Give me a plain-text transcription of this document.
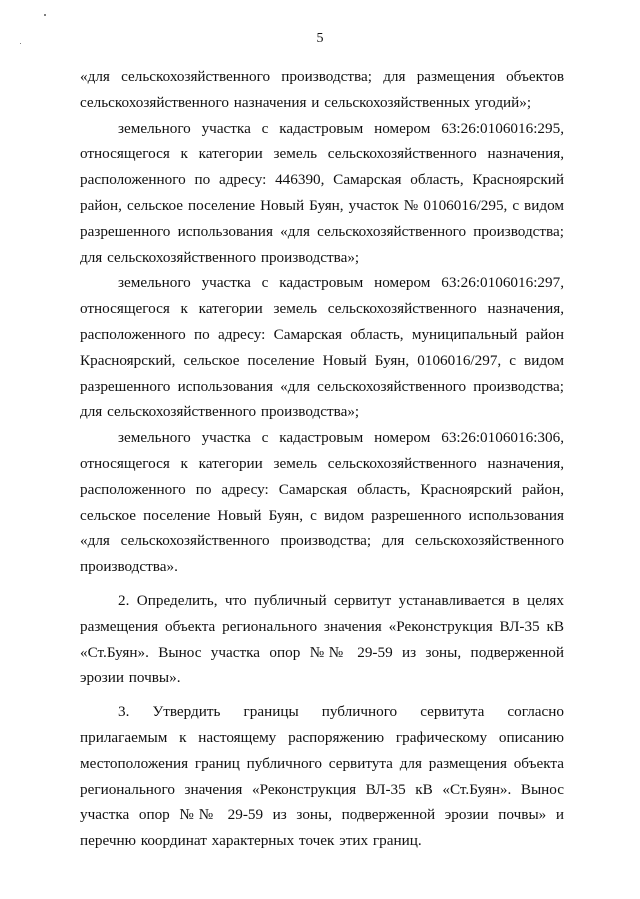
5

«для сельскохозяйственного производства; для размещения объектов сельскохозяйственного назначения и сельскохозяйственных угодий»;

земельного участка с кадастровым номером 63:26:0106016:295, относящегося к категории земель сельскохозяйственного назначения, расположенного по адресу: 446390, Самарская область, Красноярский район, сельское поселение Новый Буян, участок № 0106016/295, с видом разрешенного использования «для сельскохозяйственного производства; для сельскохозяйственного производства»;

земельного участка с кадастровым номером 63:26:0106016:297, относящегося к категории земель сельскохозяйственного назначения, расположенного по адресу: Самарская область, муниципальный район Красноярский, сельское поселение Новый Буян, 0106016/297, с видом разрешенного использования «для сельскохозяйственного производства; для сельскохозяйственного производства»;

земельного участка с кадастровым номером 63:26:0106016:306, относящегося к категории земель сельскохозяйственного назначения, расположенного по адресу: Самарская область, Красноярский район, сельское поселение Новый Буян, с видом разрешенного использования «для сельскохозяйственного производства; для сельскохозяйственного производства».

2. Определить, что публичный сервитут устанавливается в целях размещения объекта регионального значения «Реконструкция ВЛ-35 кВ «Ст.Буян». Вынос участка опор №№ 29-59 из зоны, подверженной эрозии почвы».

3. Утвердить границы публичного сервитута согласно прилагаемым к настоящему распоряжению графическому описанию местоположения границ публичного сервитута для размещения объекта регионального значения «Реконструкция ВЛ-35 кВ «Ст.Буян». Вынос участка опор №№ 29-59 из зоны, подверженной эрозии почвы» и перечню координат характерных точек этих границ.
